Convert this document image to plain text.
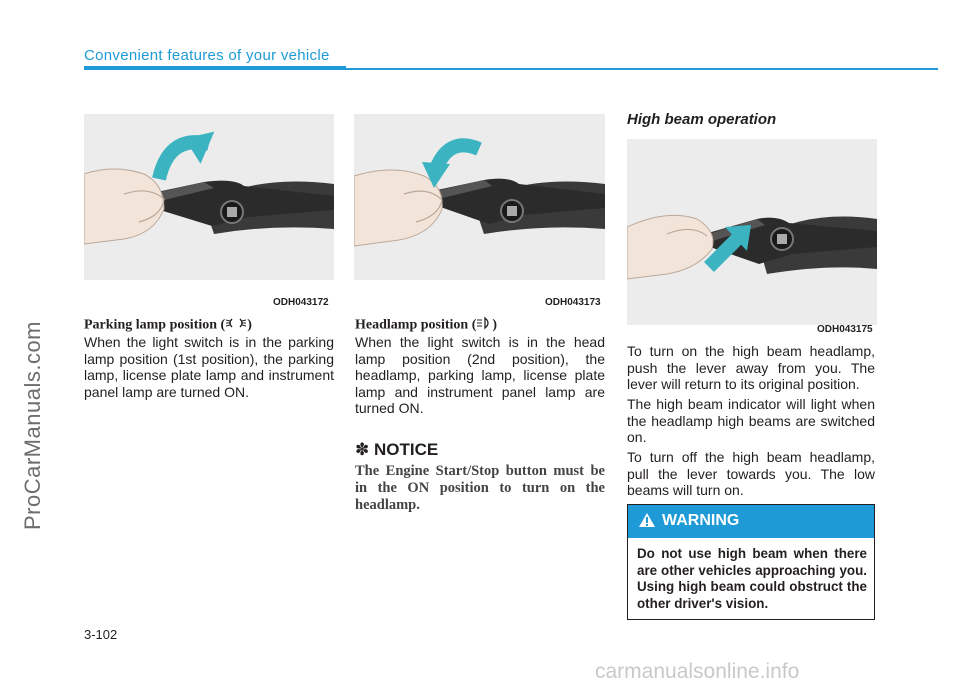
Convenient features of your vehicle
ProCarManuals.com
carmanualsonline.info
ODH043172
Parking lamp position ( )
When the light switch is in the parking lamp position (1st position), the parking lamp, license plate lamp and instrument panel lamp are turned ON.
ODH043173
Headlamp position ( )
When the light switch is in the head lamp position (2nd position), the headlamp, parking lamp, license plate lamp and instrument panel lamp are turned ON.
✽ NOTICE
The Engine Start/Stop button must be in the ON position to turn on the headlamp.
High beam operation
ODH043175
To turn on the high beam headlamp, push the lever away from you. The lever will return to its original position.
The high beam indicator will light when the headlamp high beams are switched on.
To turn off the high beam headlamp, pull the lever towards you. The low beams will turn on.
WARNING
Do not use high beam when there are other vehicles approaching you. Using high beam could obstruct the other driver's vision.
3-102
